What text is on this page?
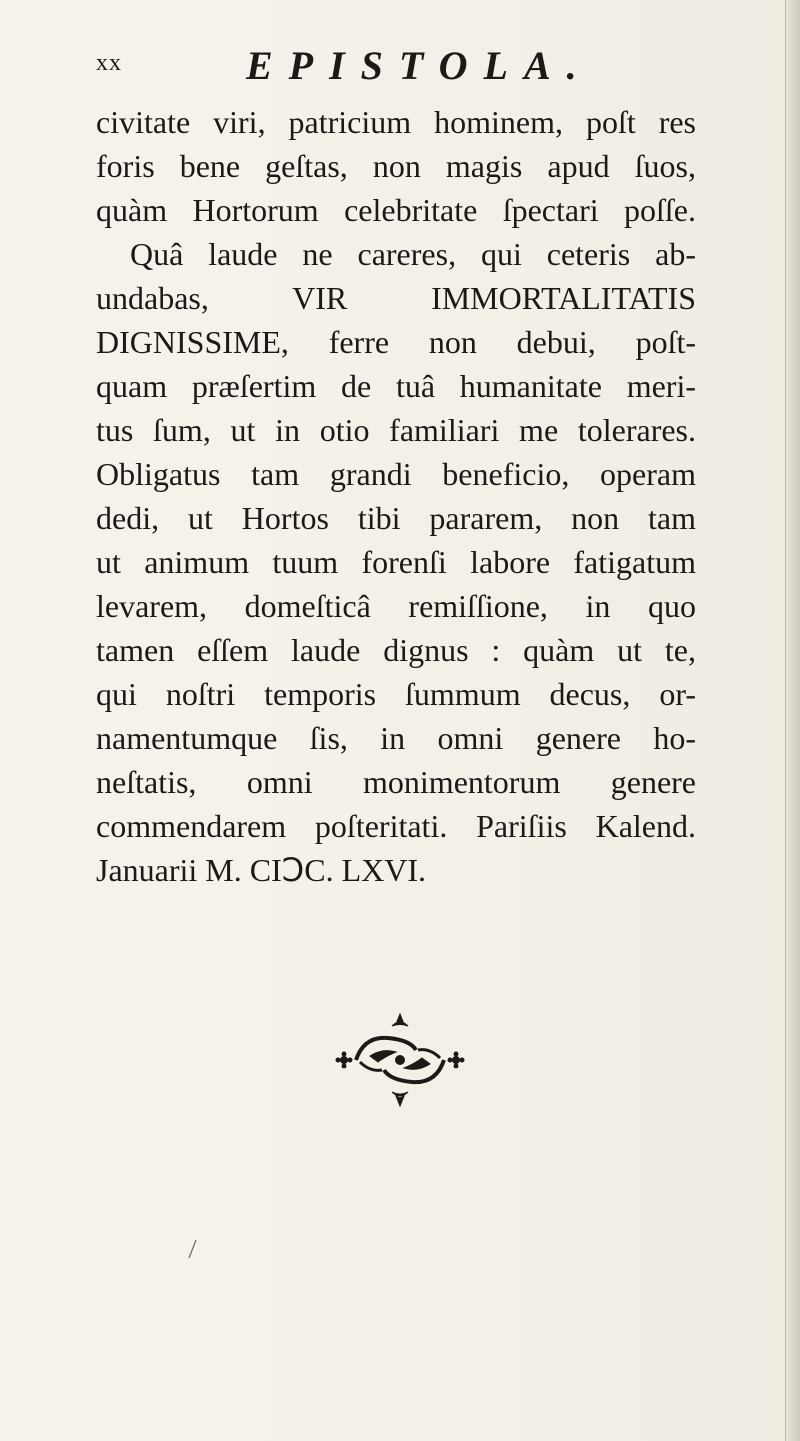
xx	EPISTOLA.
civitate viri, patricium hominem, poſt res
foris bene geſtas, non magis apud ſuos,
quàm Hortorum celebritate ſpectari poſſe.
Quâ laude ne careres, qui ceteris ab-
undabas, VIR IMMORTALITATIS
DIGNISSIME, ferre non debui, poſt-
quam præſertim de tuâ humanitate meri-
tus ſum, ut in otio familiari me tolerares.
Obligatus tam grandi beneficio, operam
dedi, ut Hortos tibi pararem, non tam
ut animum tuum forenſi labore fatigatum
levarem, domeſticâ remiſſione, in quo
tamen eſſem laude dignus : quàm ut te,
qui noſtri temporis ſummum decus, or-
namentumque ſis, in omni genere ho-
neſtatis, omni monimentorum genere
commendarem poſteritati. Pariſiis Kalend.
Januarii M. CIↃC. LXVI.
